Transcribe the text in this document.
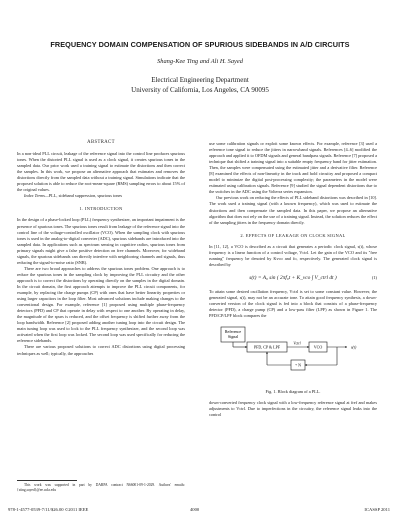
FREQUENCY DOMAIN COMPENSATION OF SPURIOUS SIDEBANDS IN A/D CIRCUITS
Shang-Kee Ting and Ali H. Sayed
Electrical Engineering Department
University of California, Los Angeles, CA 90095
ABSTRACT

In a non-ideal PLL circuit, leakage of the reference signal into the control line produces spurious tones. When the distorted PLL signal is used as a clock signal, it creates spurious tones in the sampled data. Our prior work used a training signal to estimate the distortions and then correct the samples. In this work, we propose an alternative approach that estimates and removes the distortions directly from the sampled data without a training signal. Simulations indicate that the proposed solution is able to reduce the root-mean-square (RMS) sampling errors to about 15% of the original values.

Index Terms—PLL, sideband suppression, spurious tones

1. INTRODUCTION

In the design of a phase-locked loop (PLL) frequency synthesizer, an important impairment is the presence of spurious tones. The spurious tones result from leakage of the reference signal into the control line of the voltage-controlled oscillator (VCO). When the sampling clock with spurious tones is used in the analog-to-digital converter (ADC), spurious sidebands are introduced into the sampled data. In applications such as spectrum sensing in cognitive radios, spurious tones from primary signals might give a false positive detection on free channels. Moreover, for wideband signals, the spurious sidebands can directly interfere with neighboring channels and signals, thus reducing the signal-to-noise ratio (SNR).

There are two broad approaches to address the spurious tones problem. One approach is to reduce the spurious tones in the sampling clock by improving the PLL circuitry and the other approach is to correct the distortions by operating directly on the samples in the digital domain. In the circuit domain, the first approach attempts to improve the PLL circuit components, for example, by replacing the charge pumps (CP) with ones that have better linearity properties or using larger capacitors in the loop filter. Most advanced solutions include making changes to the conventional design. For example, reference [1] proposed using multiple phase-frequency detectors (PFD) and CP that operate in delay with respect to one another. By operating in delay, the magnitude of the spurs is reduced, and the offset frequency is shifted further away from the loop bandwidth. Reference [2] proposed adding another tuning loop into the circuit design. The main tuning loop was used to lock to the PLL frequency synthesizer, and the second loop was activated when the first loop was locked. The second loop was used specifically for reducing the reference sidebands.

There are various proposed solutions to correct ADC distortions using digital processing techniques as well; typically, the approaches

This work was supported in part by DARPA contract N66001-09-1-2029. Authors' emails: {sting,sayed}@ee.ucla.edu

use some calibration signals or exploit some known effects. For example, reference [3] used a reference tone signal to reduce the jitters in narrowband signals. References [4–6] modified the approach and applied it to OFDM signals and general bandpass signals. Reference [7] proposed a technique that shifted a training signal into a suitable empty frequency band for jitter estimation. Then, the samples were compensated using the estimated jitter and a derivative filter. Reference [8] examined the effects of non-linearity in the track and hold circuitry and proposed a compact model to minimize the digital post-processing complexity; the parameters in the model were estimated using calibration signals. Reference [9] studied the signal dependent distortions due to the switches in the ADC using the Volterra series expansion.

Our previous work on reducing the effects of PLL sideband distortions was described in [10]. The work used a training signal (with a known frequency), which was used to estimate the distortions and then compensate the sampled data. In this paper, we propose an alternative algorithm that does not rely on the use of a training signal. Instead, the solution reduces the effect of the sampling jitters in the frequency domain directly.

2. EFFECTS OF LEAKAGE ON CLOCK SIGNAL

In [11, 12], a VCO is described as a circuit that generates a periodic clock signal, s(t), whose frequency is a linear function of a control voltage, Vctrl. Let the gain of the VCO and its "free running" frequency be denoted by Kvco and fo, respectively. The generated clock signal is described by

s(t) = A₀ sin ( 2πf₀t + K_vco ∫ V_ctrl dt )	(1)

To attain some desired oscillation frequency, Vctrl is set to some constant value. However, the generated signal, s(t), may not be an accurate tone. To attain good frequency synthesis, a down-converted version of the clock signal is fed into a block that consists of a phase-frequency detector (PFD), a charge pump (CP) and a low-pass filter (LPF) as shown in Figure 1. The PFD/CP/LPF block compares the

Reference
Signal
PFD, CP & LPF
Vctrl
VCO	s(t)
÷ N
Fig. 1. Block diagram of a PLL.

down-converted frequency clock signal with a low-frequency reference signal at fref and makes adjustments to Vctrl. Due to imperfections in the circuitry, the reference signal leaks into the control

978-1-4577-0539-7/11/$26.00 ©2011 IEEE	4000	ICASSP 2011
